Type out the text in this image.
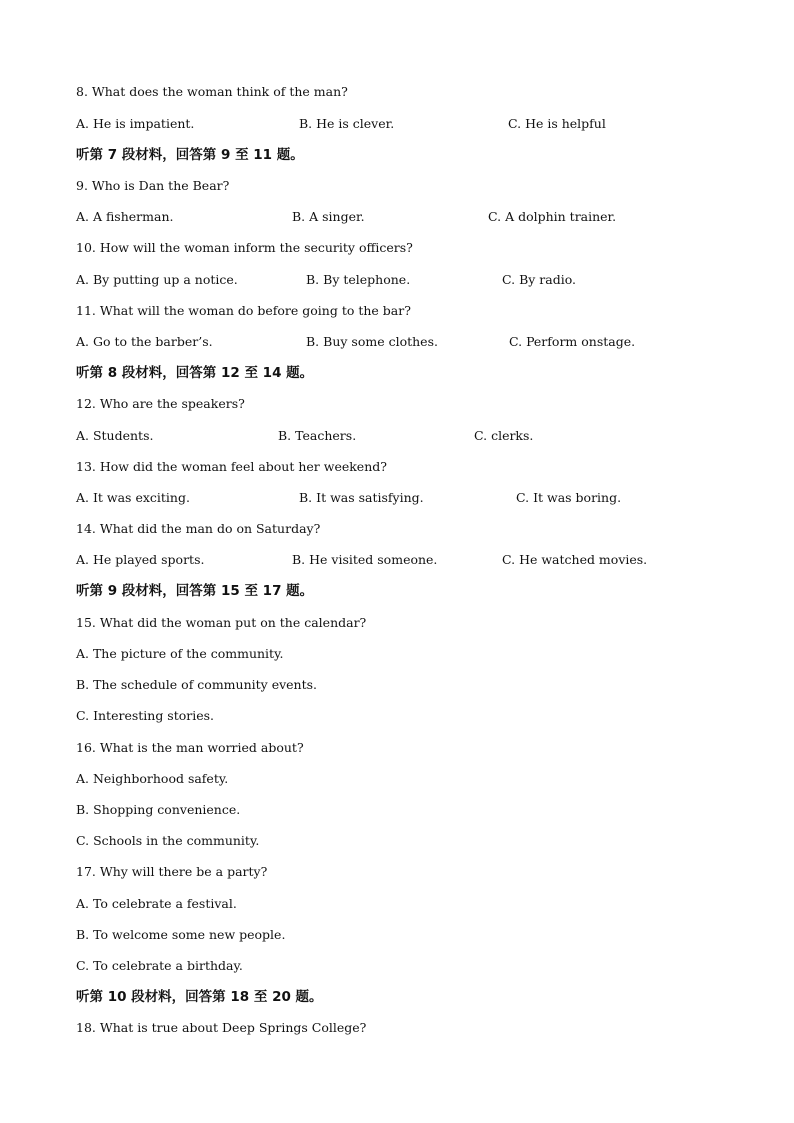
8. What does the woman think of the man?

A. He is impatient.

	B. He is clever.

	C. He is helpful

听第 7 段材料，回答第 9 至 11 题。
9. Who is Dan the Bear?

A. A fisherman.

	B. A singer.

	C. A dolphin trainer.

10. How will the woman inform the security officers?

A. By putting up a notice.

	B. By telephone.

	C. By radio.

11. What will the woman do before going to the bar?

A. Go to the barber’s.

	B. Buy some clothes.

	C. Perform onstage.

听第 8 段材料，回答第 12 至 14 题。
12. Who are the speakers?

A. Students.

	B. Teachers.

	C. clerks.

13. How did the woman feel about her weekend?

A. It was exciting.

	B. It was satisfying.

	C. It was boring.

14. What did the man do on Saturday?

A. He played sports.

	B. He visited someone.

	C. He watched movies.

听第 9 段材料，回答第 15 至 17 题。
15. What did the woman put on the calendar?
A. The picture of the community.
B. The schedule of community events.
C. Interesting stories.
16. What is the man worried about?
A. Neighborhood safety.
B. Shopping convenience.
C. Schools in the community.
17. Why will there be a party?
A. To celebrate a festival.
B. To welcome some new people.
C. To celebrate a birthday.
听第 10 段材料，回答第 18 至 20 题。
18. What is true about Deep Springs College?
